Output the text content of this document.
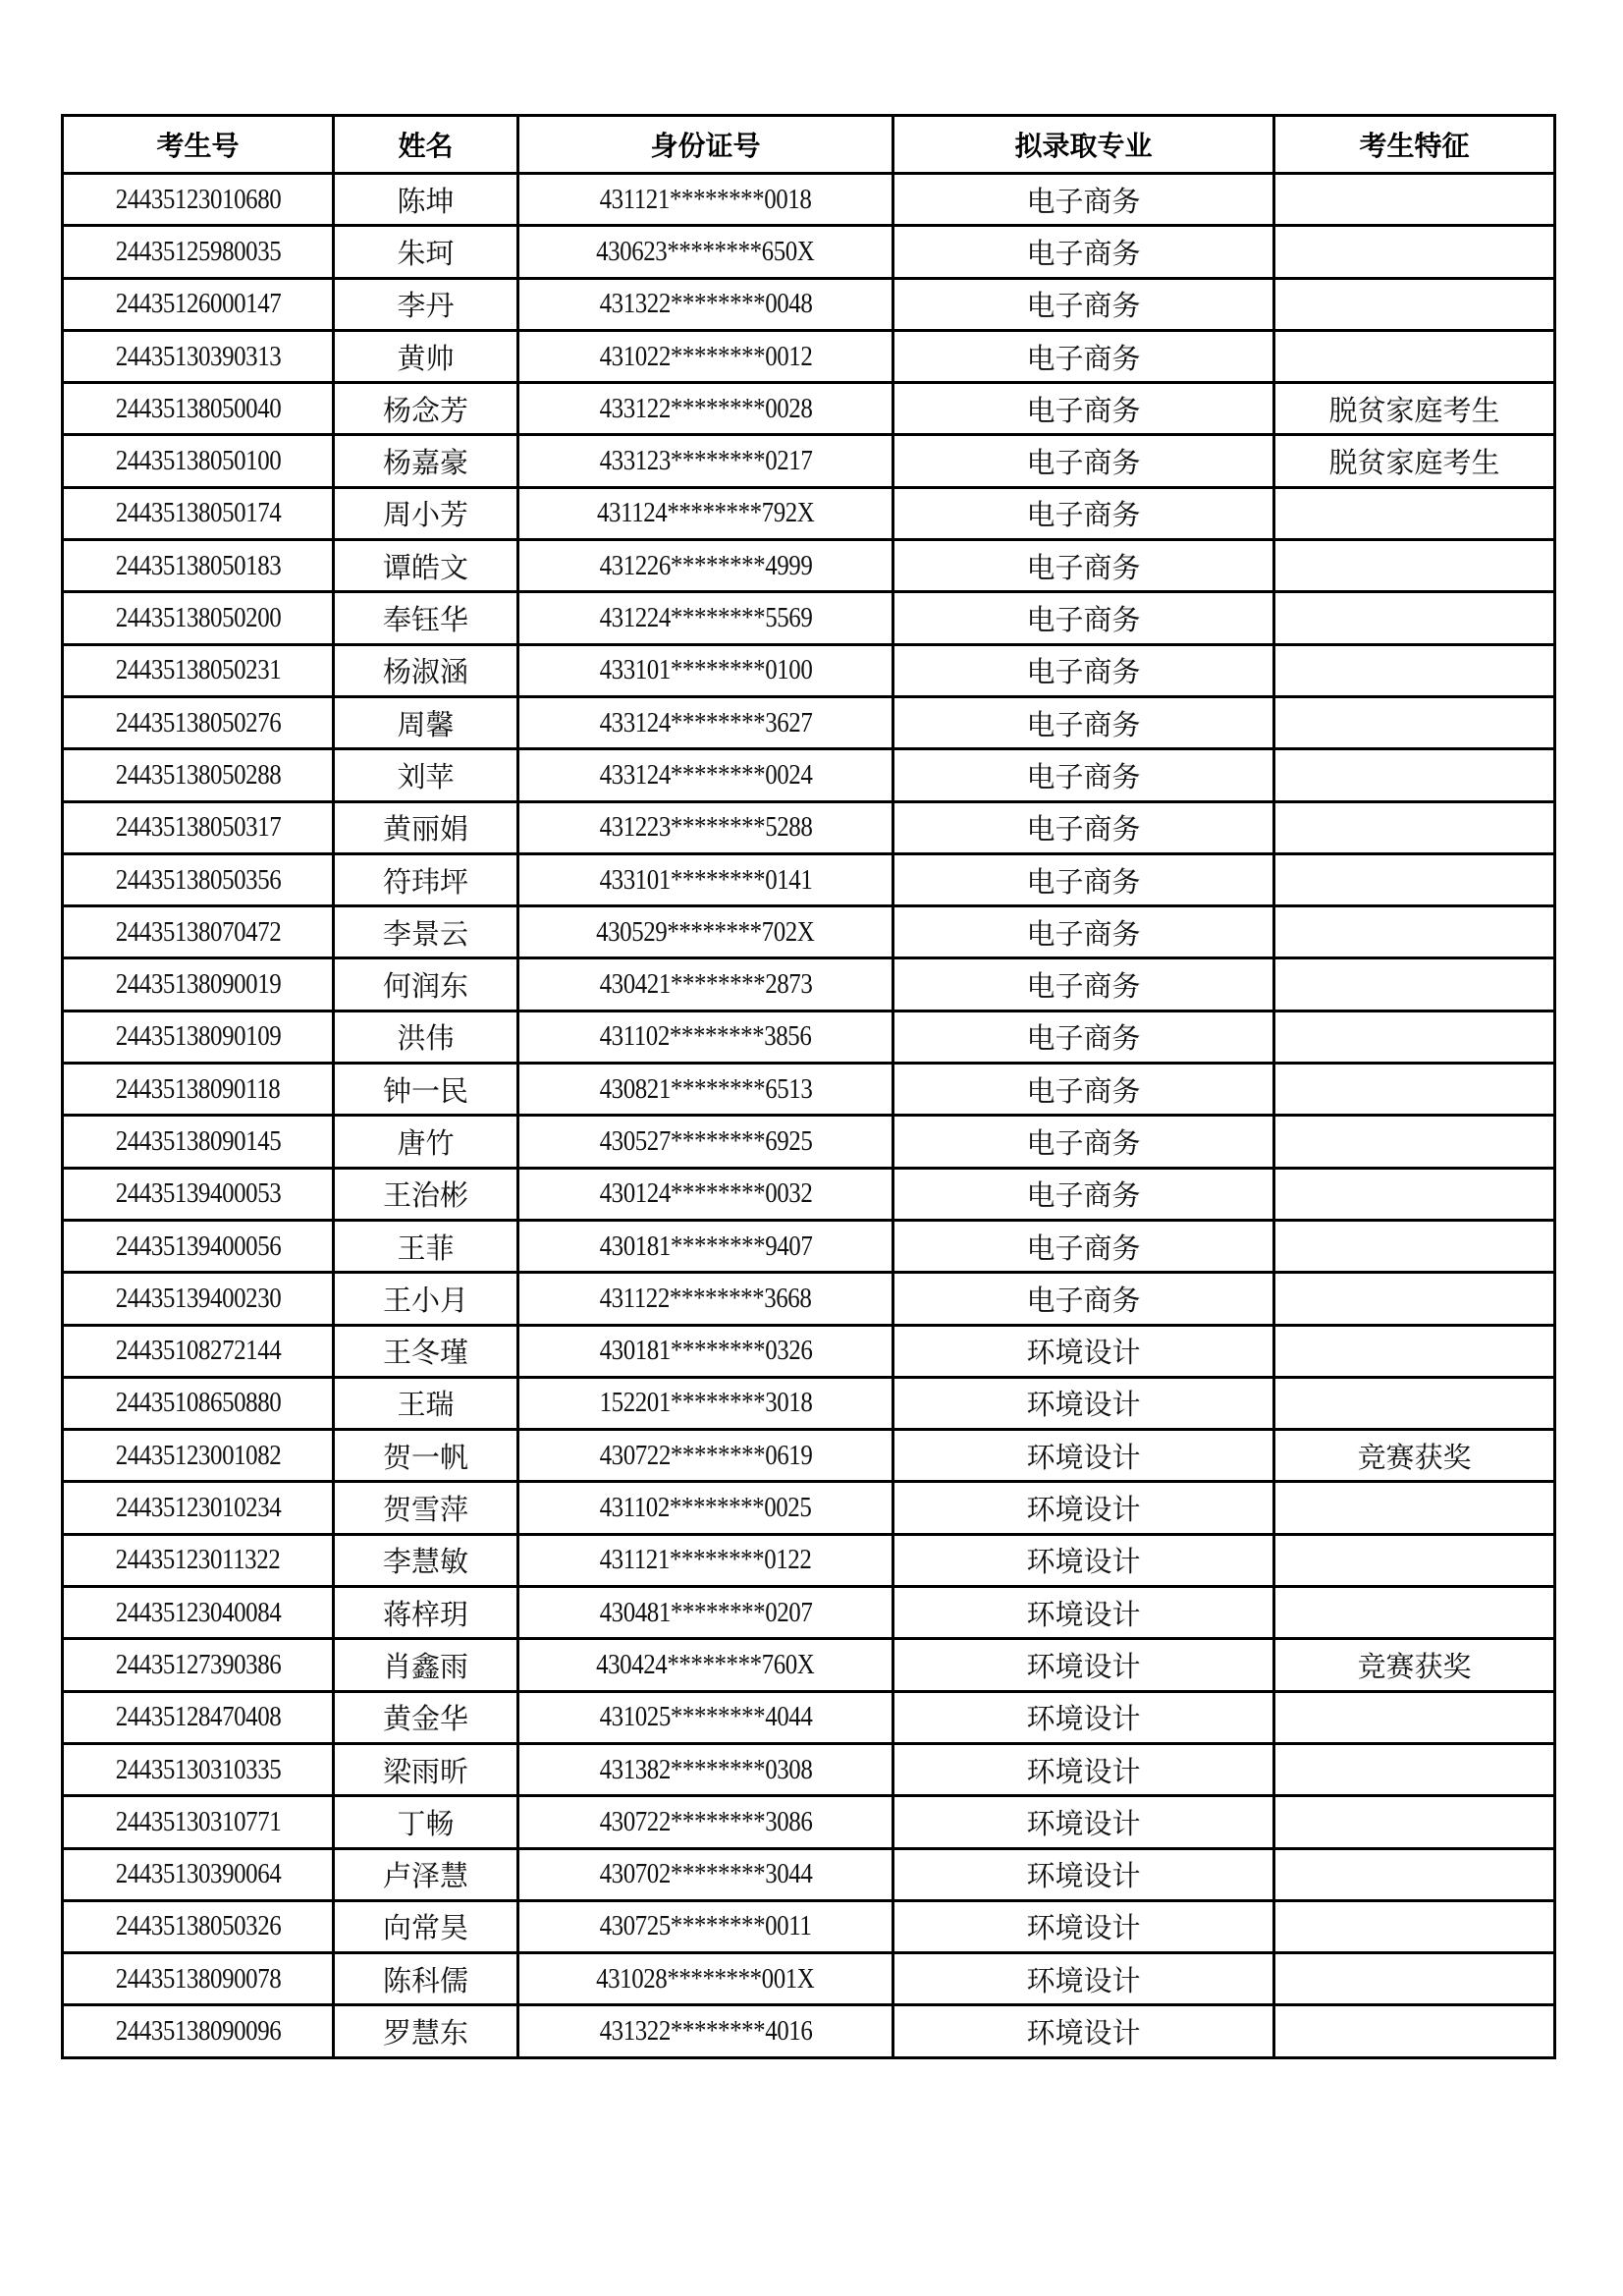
考生号	姓名	身份证号	拟录取专业	考生特征
24435123010680	陈坤	431121********0018	电子商务	
24435125980035	朱珂	430623********650X	电子商务	
24435126000147	李丹	431322********0048	电子商务	
24435130390313	黄帅	431022********0012	电子商务	
24435138050040	杨念芳	433122********0028	电子商务	脱贫家庭考生
24435138050100	杨嘉豪	433123********0217	电子商务	脱贫家庭考生
24435138050174	周小芳	431124********792X	电子商务	
24435138050183	谭皓文	431226********4999	电子商务	
24435138050200	奉钰华	431224********5569	电子商务	
24435138050231	杨淑涵	433101********0100	电子商务	
24435138050276	周馨	433124********3627	电子商务	
24435138050288	刘苹	433124********0024	电子商务	
24435138050317	黄丽娟	431223********5288	电子商务	
24435138050356	符玮坪	433101********0141	电子商务	
24435138070472	李景云	430529********702X	电子商务	
24435138090019	何润东	430421********2873	电子商务	
24435138090109	洪伟	431102********3856	电子商务	
24435138090118	钟一民	430821********6513	电子商务	
24435138090145	唐竹	430527********6925	电子商务	
24435139400053	王治彬	430124********0032	电子商务	
24435139400056	王菲	430181********9407	电子商务	
24435139400230	王小月	431122********3668	电子商务	
24435108272144	王冬瑾	430181********0326	环境设计	
24435108650880	王瑞	152201********3018	环境设计	
24435123001082	贺一帆	430722********0619	环境设计	竞赛获奖
24435123010234	贺雪萍	431102********0025	环境设计	
24435123011322	李慧敏	431121********0122	环境设计	
24435123040084	蒋梓玥	430481********0207	环境设计	
24435127390386	肖鑫雨	430424********760X	环境设计	竞赛获奖
24435128470408	黄金华	431025********4044	环境设计	
24435130310335	梁雨昕	431382********0308	环境设计	
24435130310771	丁畅	430722********3086	环境设计	
24435130390064	卢泽慧	430702********3044	环境设计	
24435138050326	向常昊	430725********0011	环境设计	
24435138090078	陈科儒	431028********001X	环境设计	
24435138090096	罗慧东	431322********4016	环境设计	
